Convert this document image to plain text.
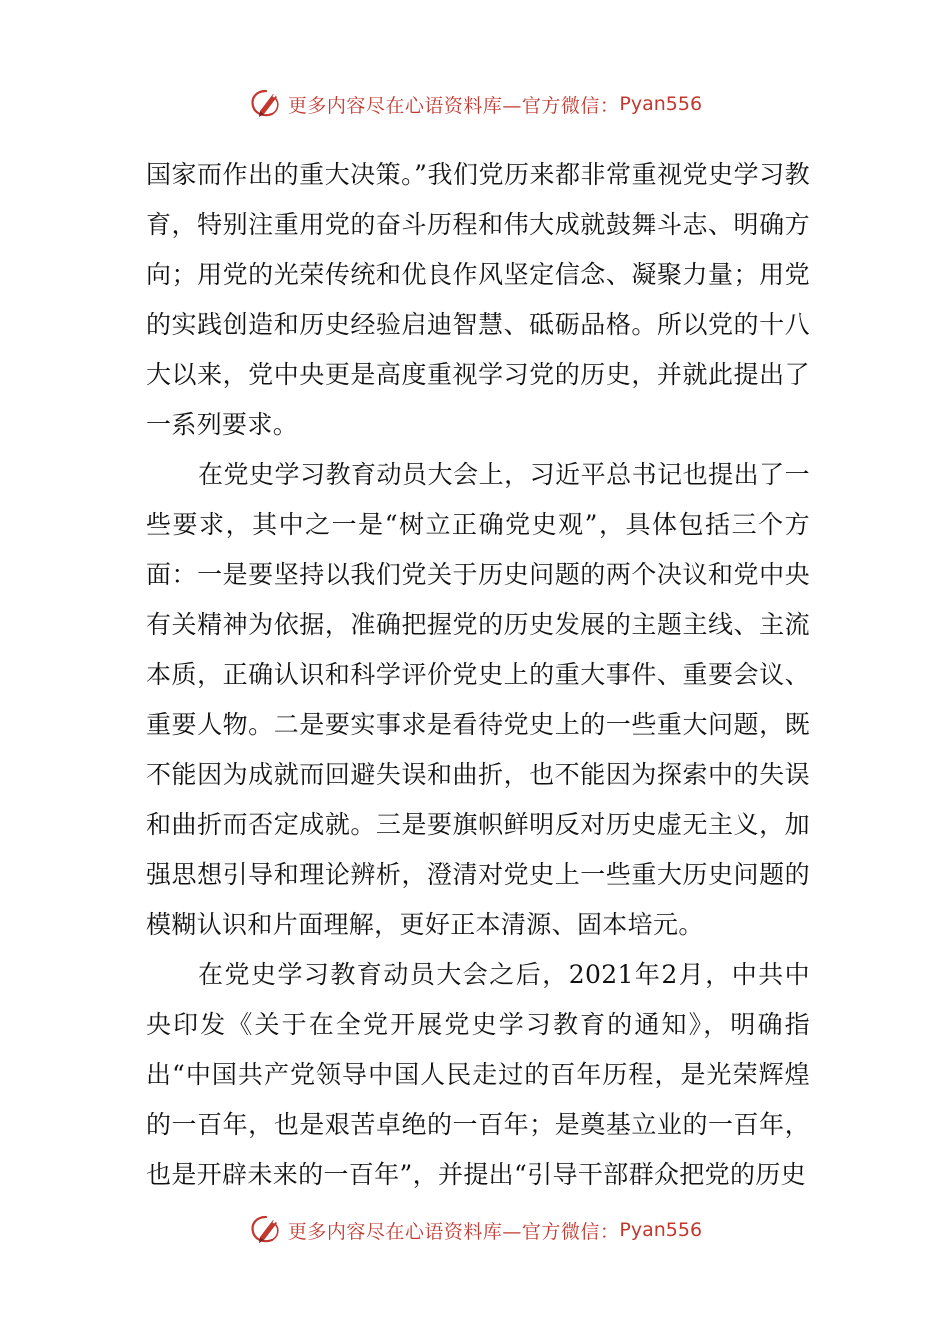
更多内容尽在心语资料库—官方微信： Pyan556

国家而作出的重大决策。”我们党历来都非常重视党史学习教育，特别注重用党的奋斗历程和伟大成就鼓舞斗志、明确方向；用党的光荣传统和优良作风坚定信念、凝聚力量；用党的实践创造和历史经验启迪智慧、砥砺品格。所以党的十八大以来，党中央更是高度重视学习党的历史，并就此提出了一系列要求。

在党史学习教育动员大会上，习近平总书记也提出了一些要求，其中之一是“树立正确党史观”，具体包括三个方面：一是要坚持以我们党关于历史问题的两个决议和党中央有关精神为依据，准确把握党的历史发展的主题主线、主流本质，正确认识和科学评价党史上的重大事件、重要会议、重要人物。二是要实事求是看待党史上的一些重大问题，既不能因为成就而回避失误和曲折，也不能因为探索中的失误和曲折而否定成就。三是要旗帜鲜明反对历史虚无主义，加强思想引导和理论辨析，澄清对党史上一些重大历史问题的模糊认识和片面理解，更好正本清源、固本培元。

在党史学习教育动员大会之后，2021年2月，中共中央印发《关于在全党开展党史学习教育的通知》，明确指出“中国共产党领导中国人民走过的百年历程，是光荣辉煌的一百年，也是艰苦卓绝的一百年；是奠基立业的一百年，也是开辟未来的一百年”，并提出“引导干部群众把党的历史

更多内容尽在心语资料库—官方微信： Pyan556
